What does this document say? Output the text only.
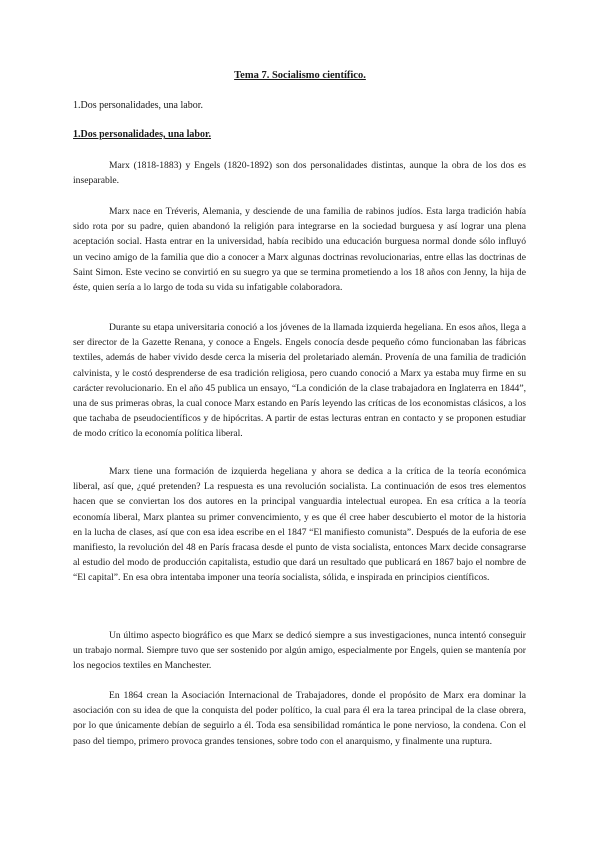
Tema 7. Socialismo científico.

1.Dos personalidades, una labor.

1.Dos personalidades, una labor.

Marx (1818-1883) y Engels (1820-1892) son dos personalidades distintas, aunque la obra de los dos es inseparable.

Marx nace en Tréveris, Alemania, y desciende de una familia de rabinos judíos. Esta larga tradición había sido rota por su padre, quien abandonó la religión para integrarse en la sociedad burguesa y así lograr una plena aceptación social. Hasta entrar en la universidad, había recibido una educación burguesa normal donde sólo influyó un vecino amigo de la familia que dio a conocer a Marx algunas doctrinas revolucionarias, entre ellas las doctrinas de Saint Simon. Este vecino se convirtió en su suegro ya que se termina prometiendo a los 18 años con Jenny, la hija de éste, quien sería a lo largo de toda su vida su infatigable colaboradora.

Durante su etapa universitaria conoció a los jóvenes de la llamada izquierda hegeliana. En esos años, llega a ser director de la Gazette Renana, y conoce a Engels. Engels conocía desde pequeño cómo funcionaban las fábricas textiles, además de haber vivido desde cerca la miseria del proletariado alemán. Provenía de una familia de tradición calvinista, y le costó desprenderse de esa tradición religiosa, pero cuando conoció a Marx ya estaba muy firme en su carácter revolucionario. En el año 45 publica un ensayo, “La condición de la clase trabajadora en Inglaterra en 1844”, una de sus primeras obras, la cual conoce Marx estando en París leyendo las críticas de los economistas clásicos, a los que tachaba de pseudocientíficos y de hipócritas. A partir de estas lecturas entran en contacto y se proponen estudiar de modo crítico la economía política liberal.

Marx tiene una formación de izquierda hegeliana y ahora se dedica a la crítica de la teoría económica liberal, así que, ¿qué pretenden? La respuesta es una revolución socialista. La continuación de esos tres elementos hacen que se conviertan los dos autores en la principal vanguardia intelectual europea. En esa crítica a la teoría economía liberal, Marx plantea su primer convencimiento, y es que él cree haber descubierto el motor de la historia en la lucha de clases, así que con esa idea escribe en el 1847 “El manifiesto comunista”. Después de la euforia de ese manifiesto, la revolución del 48 en París fracasa desde el punto de vista socialista, entonces Marx decide consagrarse al estudio del modo de producción capitalista, estudio que dará un resultado que publicará en 1867 bajo el nombre de “El capital”. En esa obra intentaba imponer una teoría socialista, sólida, e inspirada en principios científicos.

Un último aspecto biográfico es que Marx se dedicó siempre a sus investigaciones, nunca intentó conseguir un trabajo normal. Siempre tuvo que ser sostenido por algún amigo, especialmente por Engels, quien se mantenía por los negocios textiles en Manchester.

En 1864 crean la Asociación Internacional de Trabajadores, donde el propósito de Marx era dominar la asociación con su idea de que la conquista del poder político, la cual para él era la tarea principal de la clase obrera, por lo que únicamente debían de seguirlo a él. Toda esa sensibilidad romántica le pone nervioso, la condena. Con el paso del tiempo, primero provoca grandes tensiones, sobre todo con el anarquismo, y finalmente una ruptura.
